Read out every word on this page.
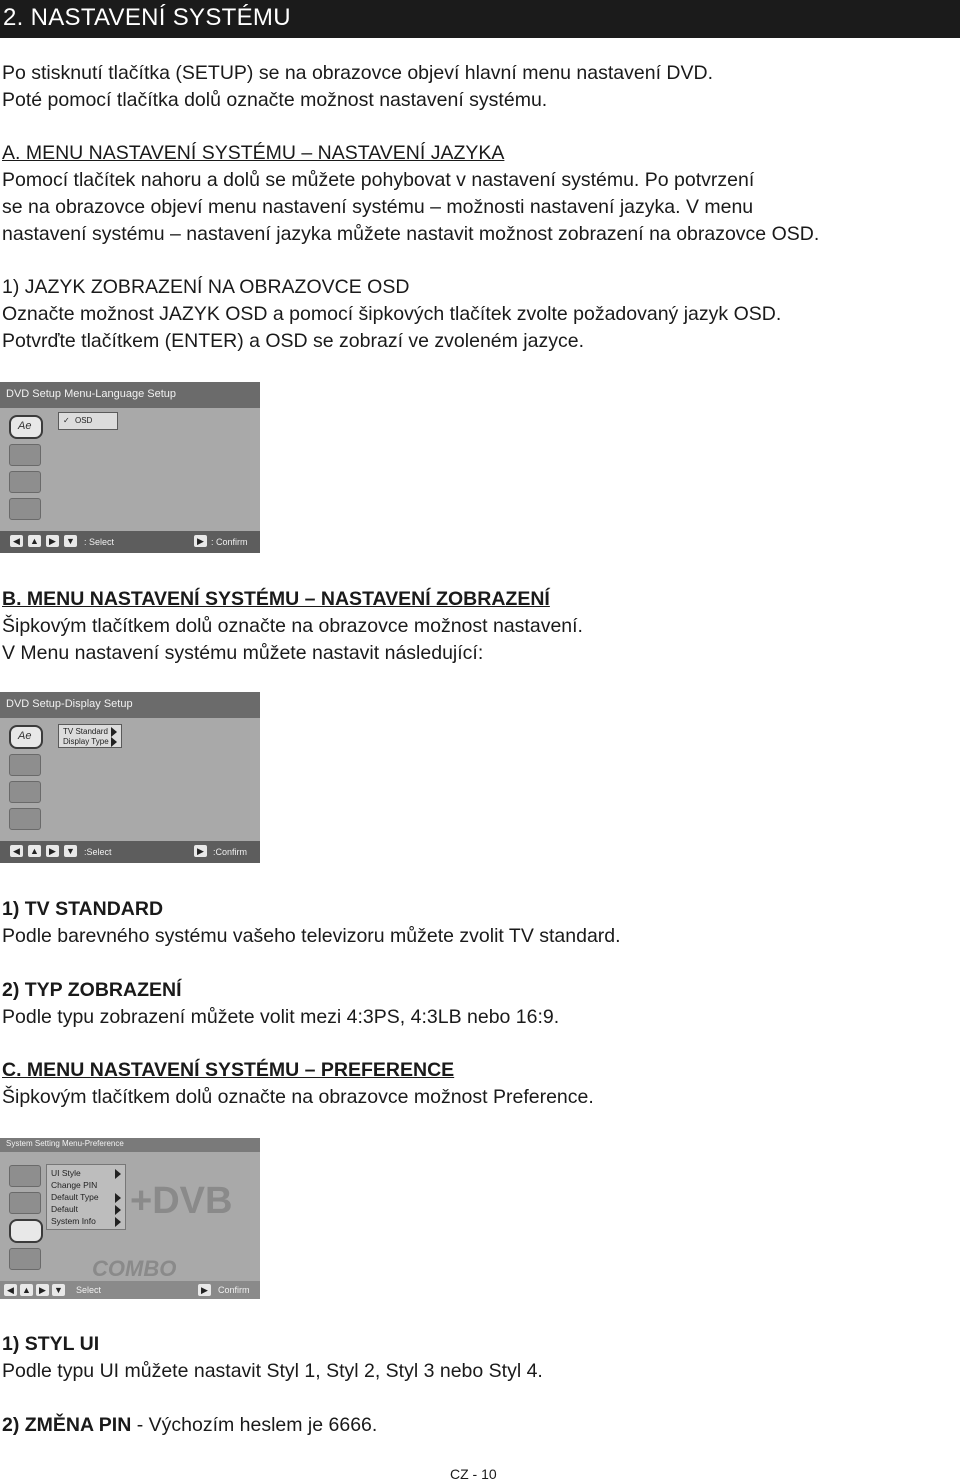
2. NASTAVENÍ SYSTÉMU
Po stisknutí tlačítka (SETUP) se na obrazovce objeví hlavní menu nastavení DVD.
Poté pomocí tlačítka dolů označte možnost nastavení systému.
A. MENU NASTAVENÍ SYSTÉMU – NASTAVENÍ JAZYKA
Pomocí tlačítek nahoru a dolů se můžete pohybovat v nastavení systému. Po potvrzení
se na obrazovce objeví menu nastavení systému – možnosti nastavení jazyka. V menu
nastavení systému – nastavení jazyka můžete nastavit možnost zobrazení na obrazovce OSD.
1) JAZYK ZOBRAZENÍ NA OBRAZOVCE OSD
Označte možnost JAZYK OSD a pomocí šipkových tlačítek zvolte požadovaný jazyk OSD.
Potvrďte tlačítkem (ENTER) a OSD se zobrazí ve zvoleném jazyce.
DVD Setup Menu-Language Setup
Ae	✓ OSD
◀	▲	▶	▼ : Select	▶ : Confirm
B. MENU NASTAVENÍ SYSTÉMU – NASTAVENÍ ZOBRAZENÍ
Šipkovým tlačítkem dolů označte na obrazovce možnost nastavení.
V Menu nastavení systému můžete nastavit následující:
DVD Setup-Display Setup
Ae	TV Standard
Display Type
◀	▲	▶	▼ :Select	▶	:Confirm
1) TV STANDARD
Podle barevného systému vašeho televizoru můžete zvolit TV standard.
2) TYP ZOBRAZENÍ
Podle typu zobrazení můžete volit mezi 4:3PS, 4:3LB nebo 16:9.
C. MENU NASTAVENÍ SYSTÉMU – PREFERENCE
Šipkovým tlačítkem dolů označte na obrazovce možnost Preference.
System Setting Menu-Preference
+DVB
COMBO
UI Style
Change PIN
Default Type
Default
System Info
◀ ▲ ▶ ▼ Select	▶	Confirm
1) STYL UI
Podle typu UI můžete nastavit Styl 1, Styl 2, Styl 3 nebo Styl 4.
2) ZMĚNA PIN - Výchozím heslem je 6666.
CZ - 10
